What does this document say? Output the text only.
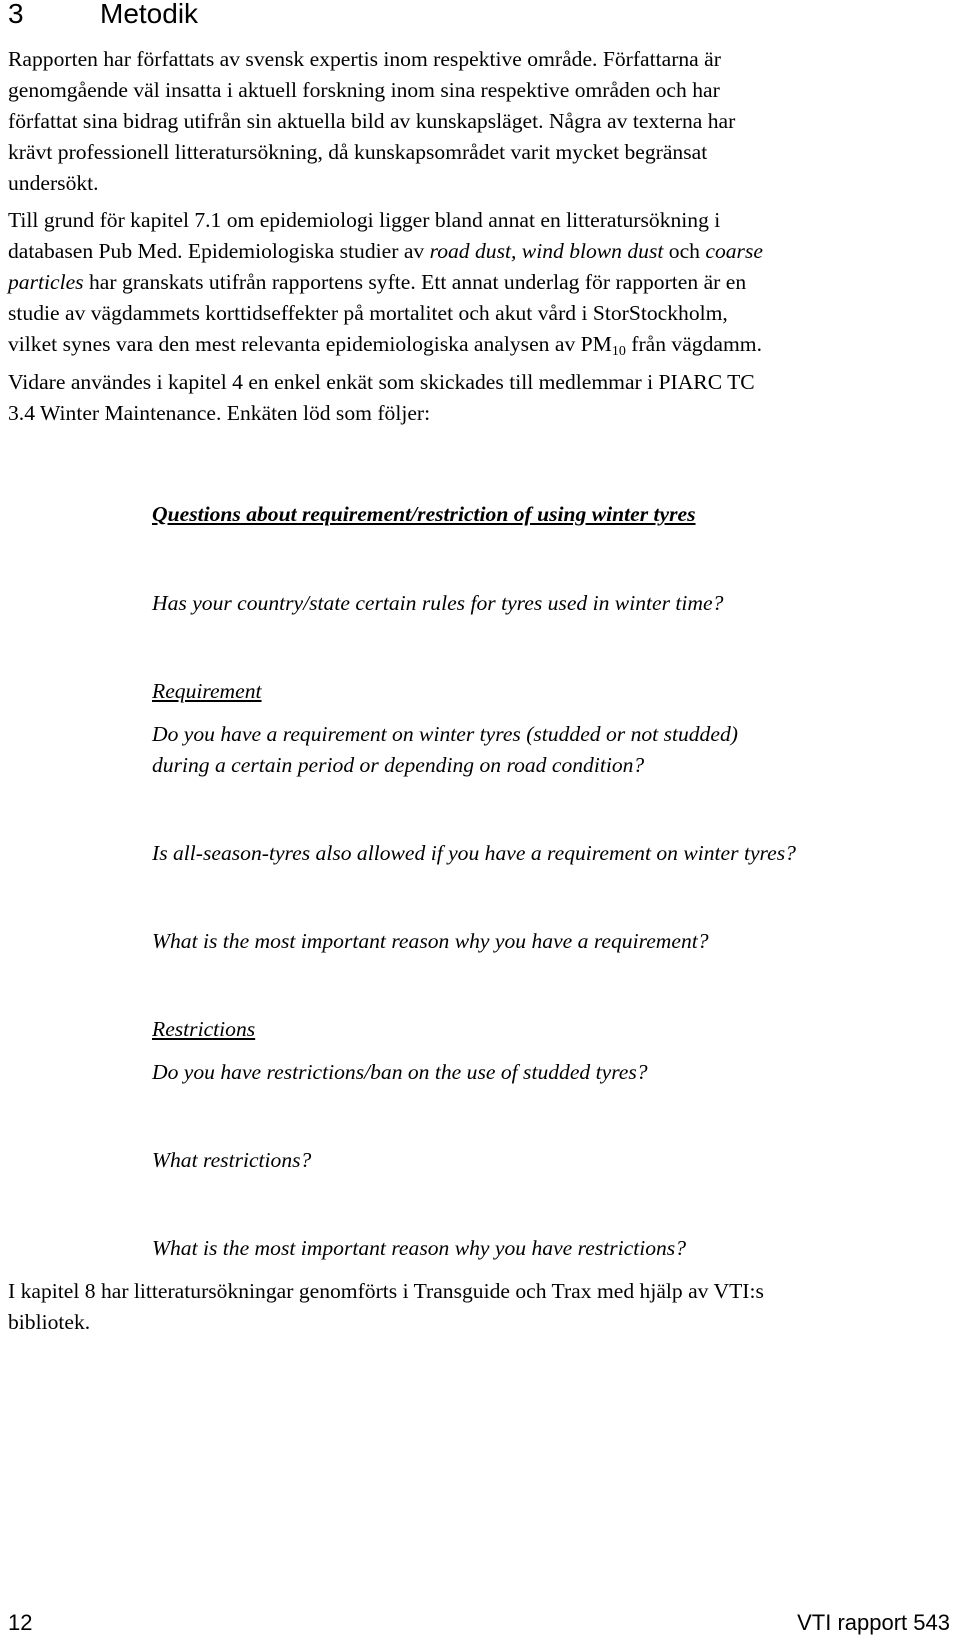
3	Metodik

Rapporten har författats av svensk expertis inom respektive område. Författarna är
genomgående väl insatta i aktuell forskning inom sina respektive områden och har
författat sina bidrag utifrån sin aktuella bild av kunskapsläget. Några av texterna har
krävt professionell litteratursökning, då kunskapsområdet varit mycket begränsat
undersökt.

Till grund för kapitel 7.1 om epidemiologi ligger bland annat en litteratursökning i
databasen Pub Med. Epidemiologiska studier av road dust, wind blown dust och coarse
particles har granskats utifrån rapportens syfte. Ett annat underlag för rapporten är en
studie av vägdammets korttidseffekter på mortalitet och akut vård i StorStockholm,
vilket synes vara den mest relevanta epidemiologiska analysen av PM10 från vägdamm.

Vidare användes i kapitel 4 en enkel enkät som skickades till medlemmar i PIARC TC
3.4 Winter Maintenance. Enkäten löd som följer:

Questions about requirement/restriction of using winter tyres

Has your country/state certain rules for tyres used in winter time?

Requirement

Do you have a requirement on winter tyres (studded or not studded)
during a certain period or depending on road condition?

Is all-season-tyres also allowed if you have a requirement on winter tyres?

What is the most important reason why you have a requirement?

Restrictions

Do you have restrictions/ban on the use of studded tyres?

What restrictions?

What is the most important reason why you have restrictions?

I kapitel 8 har litteratursökningar genomförts i Transguide och Trax med hjälp av VTI:s
bibliotek.

12	VTI rapport 543
